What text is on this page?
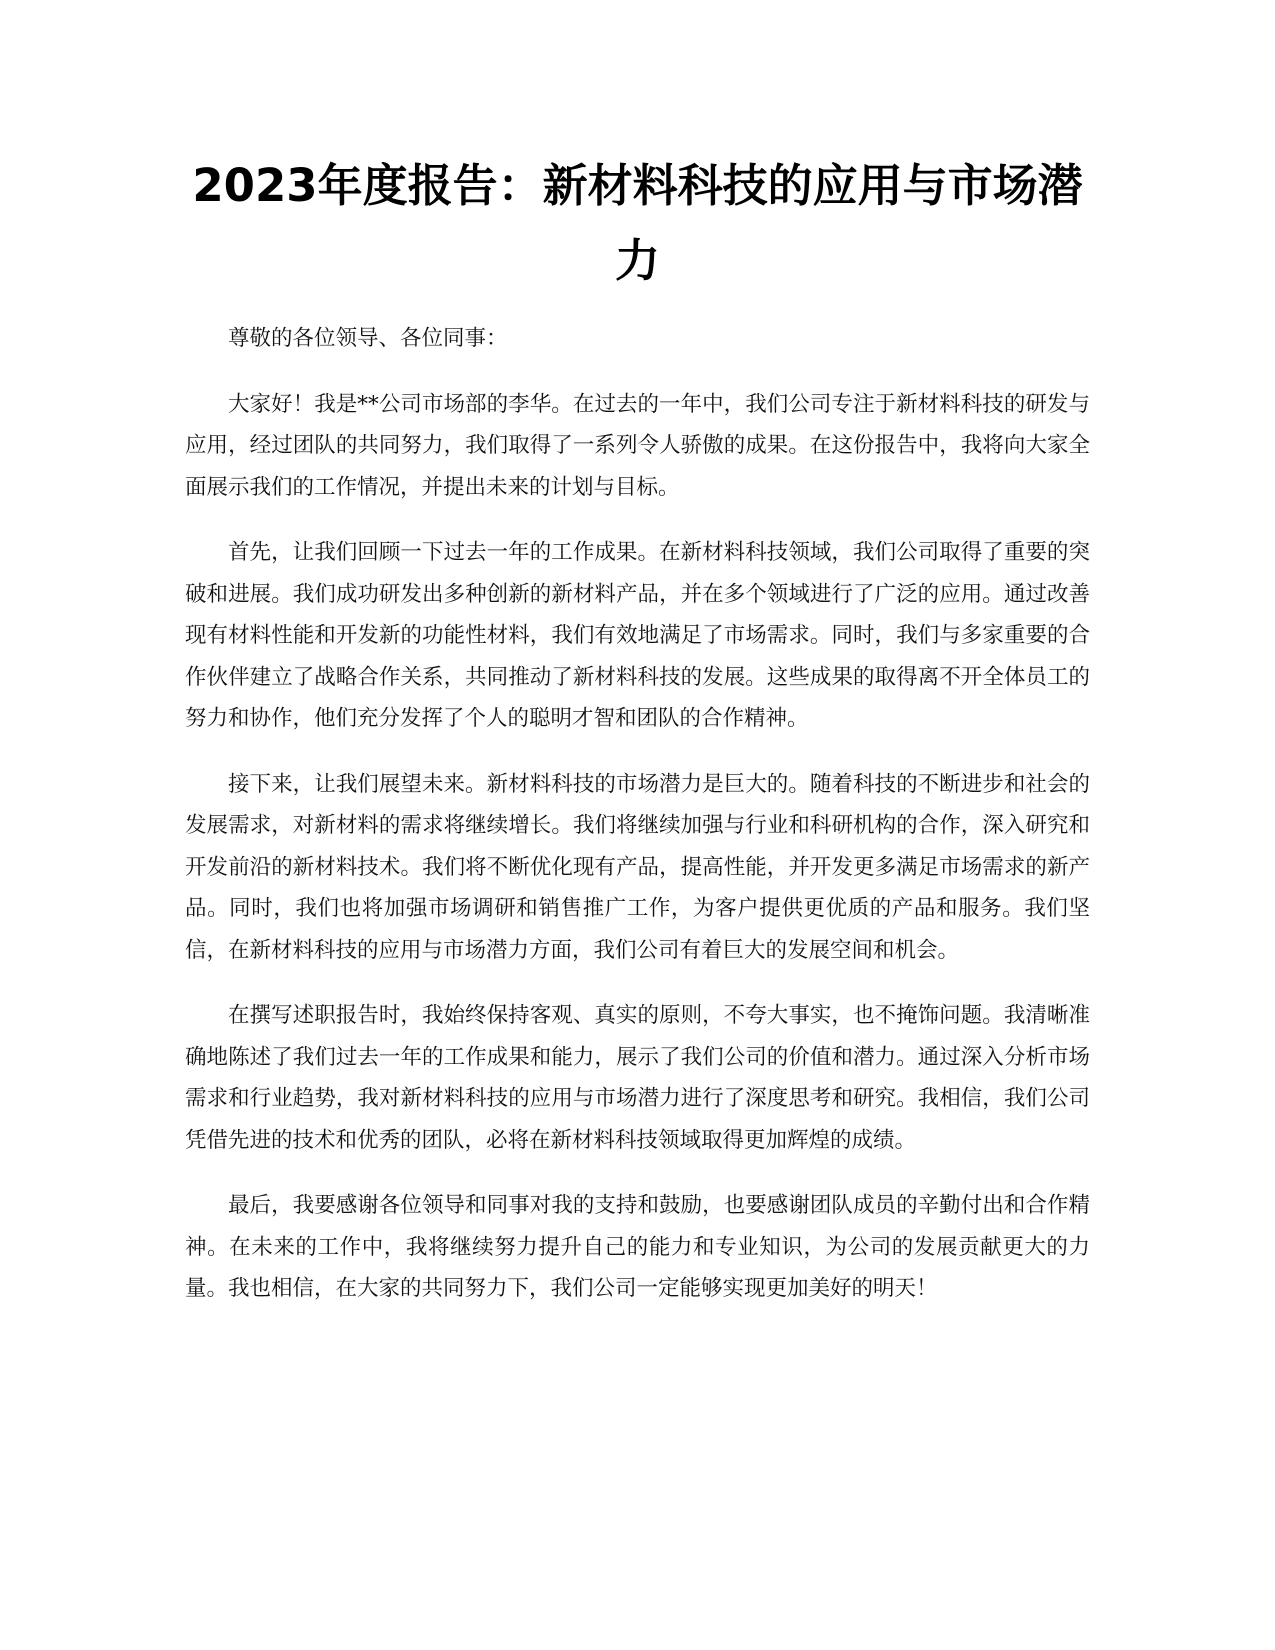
2023年度报告：新材料科技的应用与市场潜力

尊敬的各位领导、各位同事：

大家好！我是**公司市场部的李华。在过去的一年中，我们公司专注于新材料科技的研发与应用，经过团队的共同努力，我们取得了一系列令人骄傲的成果。在这份报告中，我将向大家全面展示我们的工作情况，并提出未来的计划与目标。

首先，让我们回顾一下过去一年的工作成果。在新材料科技领域，我们公司取得了重要的突破和进展。我们成功研发出多种创新的新材料产品，并在多个领域进行了广泛的应用。通过改善现有材料性能和开发新的功能性材料，我们有效地满足了市场需求。同时，我们与多家重要的合作伙伴建立了战略合作关系，共同推动了新材料科技的发展。这些成果的取得离不开全体员工的努力和协作，他们充分发挥了个人的聪明才智和团队的合作精神。

接下来，让我们展望未来。新材料科技的市场潜力是巨大的。随着科技的不断进步和社会的发展需求，对新材料的需求将继续增长。我们将继续加强与行业和科研机构的合作，深入研究和开发前沿的新材料技术。我们将不断优化现有产品，提高性能，并开发更多满足市场需求的新产品。同时，我们也将加强市场调研和销售推广工作，为客户提供更优质的产品和服务。我们坚信，在新材料科技的应用与市场潜力方面，我们公司有着巨大的发展空间和机会。

在撰写述职报告时，我始终保持客观、真实的原则，不夸大事实，也不掩饰问题。我清晰准确地陈述了我们过去一年的工作成果和能力，展示了我们公司的价值和潜力。通过深入分析市场需求和行业趋势，我对新材料科技的应用与市场潜力进行了深度思考和研究。我相信，我们公司凭借先进的技术和优秀的团队，必将在新材料科技领域取得更加辉煌的成绩。

最后，我要感谢各位领导和同事对我的支持和鼓励，也要感谢团队成员的辛勤付出和合作精神。在未来的工作中，我将继续努力提升自己的能力和专业知识，为公司的发展贡献更大的力量。我也相信，在大家的共同努力下，我们公司一定能够实现更加美好的明天！
